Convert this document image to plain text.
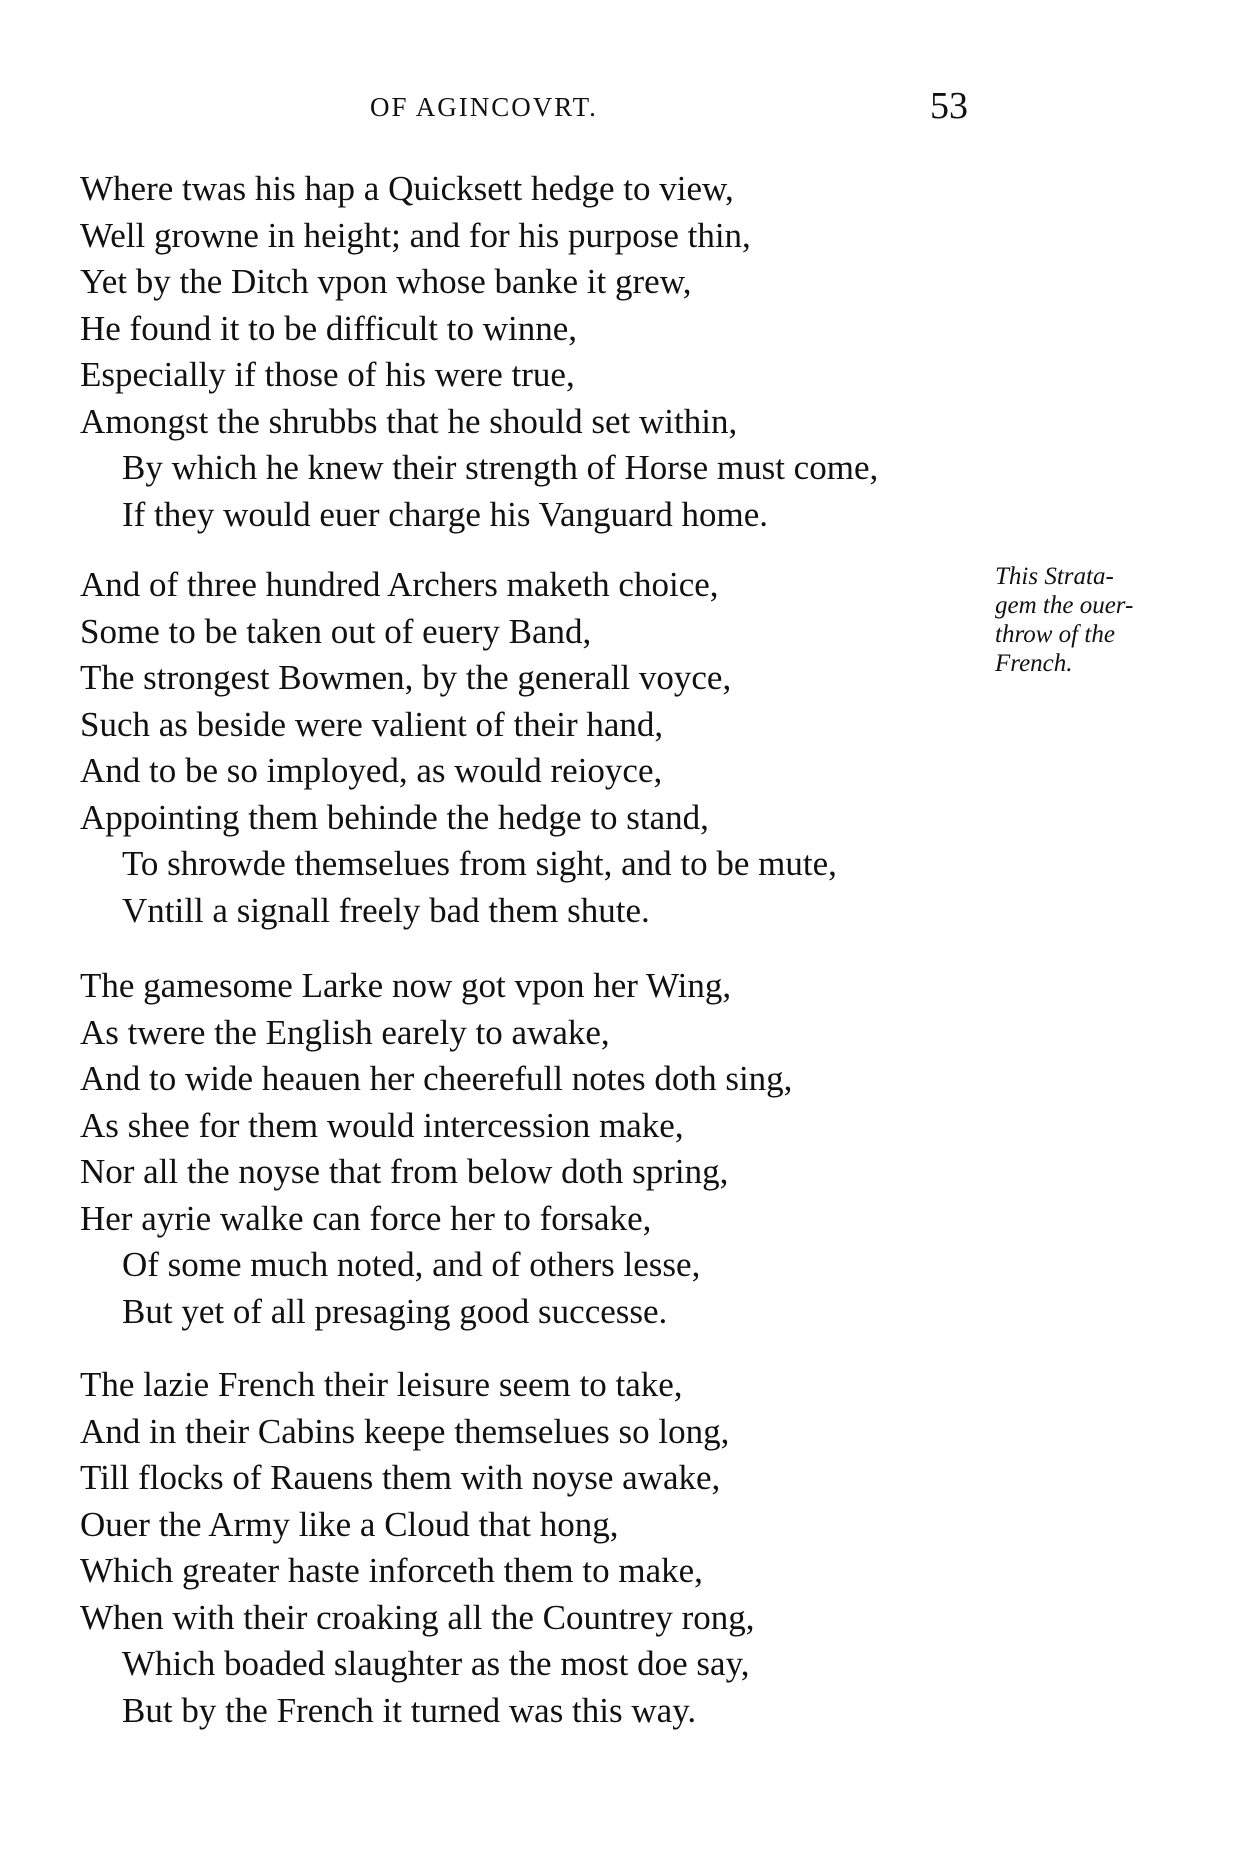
OF AGINCOVRT.	53
Where twas his hap a Quicksett hedge to view,
Well growne in height; and for his purpose thin,
Yet by the Ditch vpon whose banke it grew,
He found it to be difficult to winne,
Especially if those of his were true,
Amongst the shrubbs that he should set within,
By which he knew their strength of Horse must come,
If they would euer charge his Vanguard home.
And of three hundred Archers maketh choice,
Some to be taken out of euery Band,
The strongest Bowmen, by the generall voyce,
Such as beside were valient of their hand,
And to be so imployed, as would reioyce,
Appointing them behinde the hedge to stand,
To shrowde themselues from sight, and to be mute,
Vntill a signall freely bad them shute.
The gamesome Larke now got vpon her Wing,
As twere the English earely to awake,
And to wide heauen her cheerefull notes doth sing,
As shee for them would intercession make,
Nor all the noyse that from below doth spring,
Her ayrie walke can force her to forsake,
Of some much noted, and of others lesse,
But yet of all presaging good successe.
The lazie French their leisure seem to take,
And in their Cabins keepe themselues so long,
Till flocks of Rauens them with noyse awake,
Ouer the Army like a Cloud that hong,
Which greater haste inforceth them to make,
When with their croaking all the Countrey rong,
Which boaded slaughter as the most doe say,
But by the French it turned was this way.
This Strata-
gem the ouer-
throw of the
French.
